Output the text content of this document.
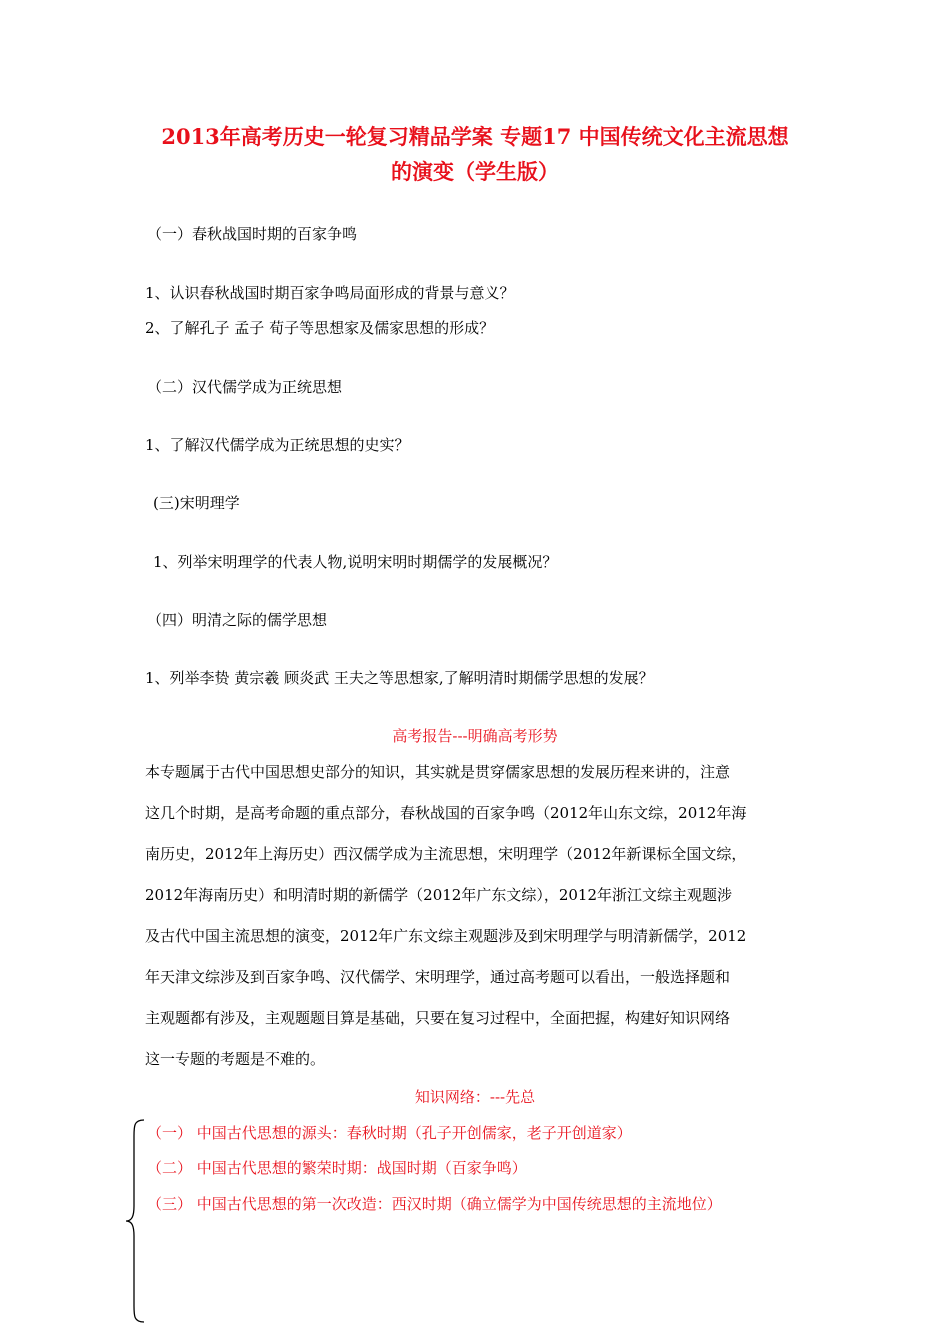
2013年高考历史一轮复习精品学案 专题17 中国传统文化主流思想
的演变（学生版）
（一）春秋战国时期的百家争鸣
1、认识春秋战国时期百家争鸣局面形成的背景与意义？
2、了解孔子 孟子 荀子等思想家及儒家思想的形成？
（二）汉代儒学成为正统思想
1、了解汉代儒学成为正统思想的史实？
(三)宋明理学
1、列举宋明理学的代表人物,说明宋明时期儒学的发展概况？
（四）明清之际的儒学思想
1、列举李贽 黄宗羲 顾炎武 王夫之等思想家,了解明清时期儒学思想的发展？
高考报告---明确高考形势
本专题属于古代中国思想史部分的知识，其实就是贯穿儒家思想的发展历程来讲的，注意
这几个时期，是高考命题的重点部分，春秋战国的百家争鸣（2012年山东文综，2012年海
南历史，2012年上海历史）西汉儒学成为主流思想，宋明理学（2012年新课标全国文综，
2012年海南历史）和明清时期的新儒学（2012年广东文综），2012年浙江文综主观题涉
及古代中国主流思想的演变，2012年广东文综主观题涉及到宋明理学与明清新儒学，2012
年天津文综涉及到百家争鸣、汉代儒学、宋明理学，通过高考题可以看出，一般选择题和
主观题都有涉及，主观题题目算是基础，只要在复习过程中，全面把握，构建好知识网络
这一专题的考题是不难的。
知识网络：---先总
（一） 中国古代思想的源头：春秋时期（孔子开创儒家，老子开创道家）
（二） 中国古代思想的繁荣时期：战国时期（百家争鸣）
（三） 中国古代思想的第一次改造：西汉时期（确立儒学为中国传统思想的主流地位）
